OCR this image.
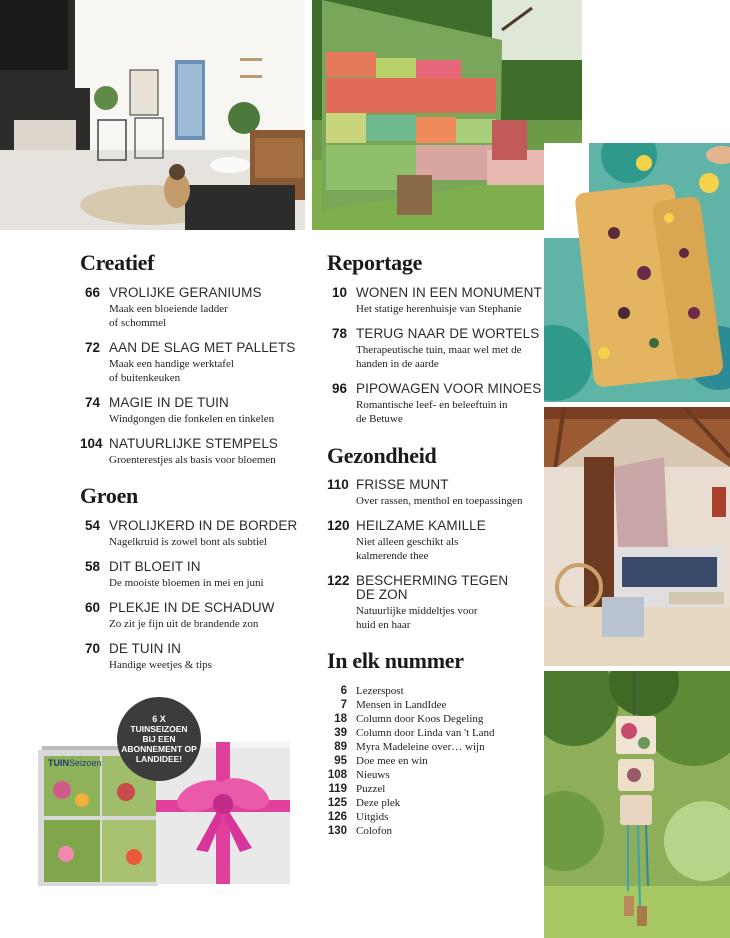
Creatief
66 VROLIJKE GERANIUMS
Maak een bloeiende ladder
of schommel
72 AAN DE SLAG MET PALLETS
Maak een handige werktafel
of buitenkeuken
74 MAGIE IN DE TUIN
Windgongen die fonkelen en tinkelen
104 NATUURLIJKE STEMPELS
Groenterestjes als basis voor bloemen
Groen
54 VROLIJKERD IN DE BORDER
Nagelkruid is zowel bont als subtiel
58 DIT BLOEIT IN
De mooiste bloemen in mei en juni
60 PLEKJE IN DE SCHADUW
Zo zit je fijn uit de brandende zon
70 DE TUIN IN
Handige weetjes & tips
Reportage
10 WONEN IN EEN MONUMENT
Het statige herenhuisje van Stephanie
78 TERUG NAAR DE WORTELS
Therapeutische tuin, maar wel met de
handen in de aarde
96 PIPOWAGEN VOOR MINOES
Romantische leef- en beleeftuin in
de Betuwe
Gezondheid
110 FRISSE MUNT
Over rassen, menthol en toepassingen
120 HEILZAME KAMILLE
Niet alleen geschikt als
kalmerende thee
122 BESCHERMING TEGEN
DE ZON
Natuurlijke middeltjes voor
huid en haar
In elk nummer
6 Lezerspost
7 Mensen in LandIdee
18 Column door Koos Degeling
39 Column door Linda van 't Land
89 Myra Madeleine over… wijn
95 Doe mee en win
108 Nieuws
119 Puzzel
125 Deze plek
126 Uitgids
130 Colofon
TUINSeizoen
6 X
TUINSEIZOEN
BIJ EEN
ABONNEMENT OP
LANDIDEE!
